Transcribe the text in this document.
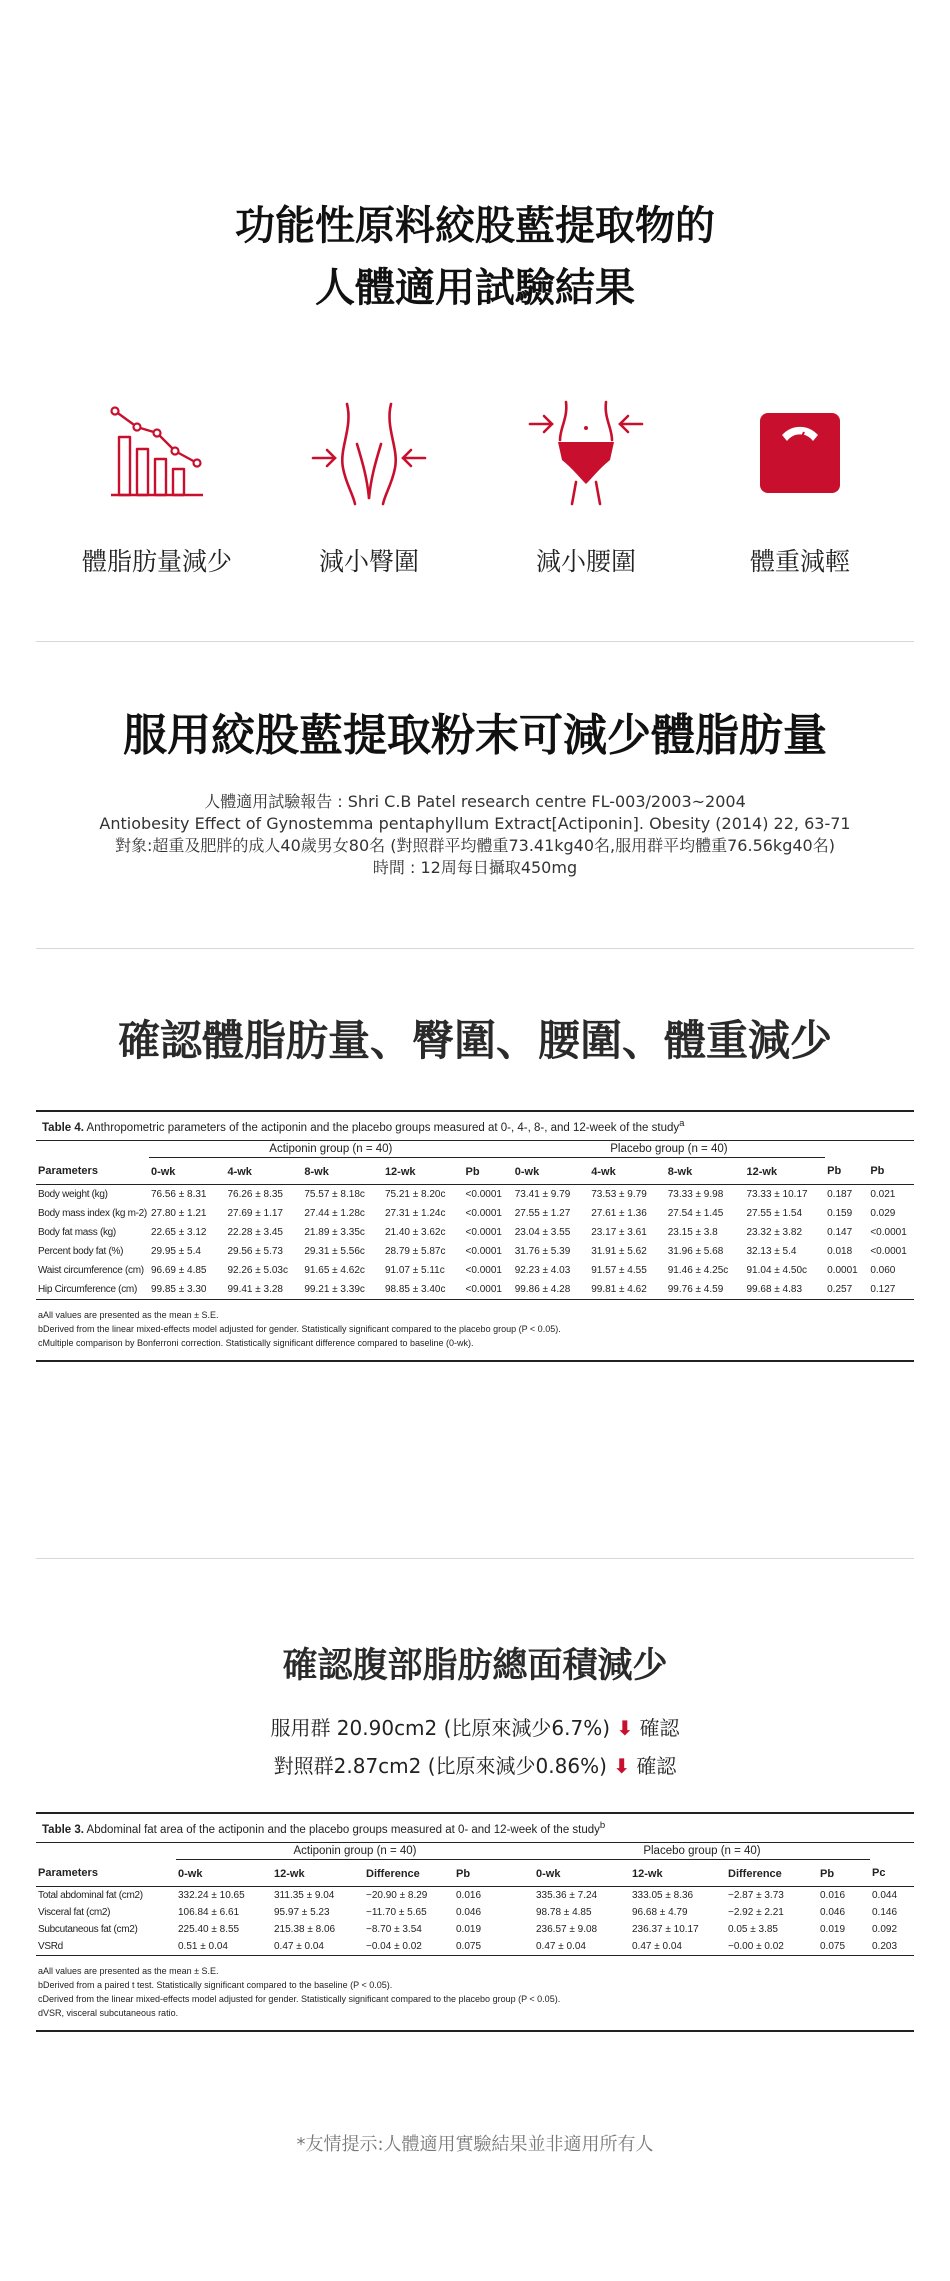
功能性原料絞股藍提取物的
人體適用試驗結果
體脂肪量減少	減小臀圍	減小腰圍	體重減輕
服用絞股藍提取粉末可減少體脂肪量
人體適用試驗報告 : Shri C.B Patel research centre FL-003/2003~2004
Antiobesity Effect of Gynostemma pentaphyllum Extract[Actiponin]. Obesity (2014) 22, 63-71
對象:超重及肥胖的成人40歲男女80名 (對照群平均體重73.41kg40名,服用群平均體重76.56kg40名)
時間 : 12周每日攝取450mg
確認體脂肪量、臀圍、腰圍、體重減少
Table 4. Anthropometric parameters of the actiponin and the placebo groups measured at 0-, 4-, 8-, and 12-week of the study$^a$
	Actiponin group (n = 40)					Placebo group (n = 40)					
Parameters	0-wk	4-wk	8-wk	12-wk	Pb	0-wk	4-wk	8-wk	12-wk	Pb	Pb
Body weight (kg)	76.56 ± 8.31	76.26 ± 8.35	75.57 ± 8.18c	75.21 ± 8.20c	<0.0001	73.41 ± 9.79	73.53 ± 9.79	73.33 ± 9.98	73.33 ± 10.17	0.187	0.021
Body mass index (kg m-2)	27.80 ± 1.21	27.69 ± 1.17	27.44 ± 1.28c	27.31 ± 1.24c	<0.0001	27.55 ± 1.27	27.61 ± 1.36	27.54 ± 1.45	27.55 ± 1.54	0.159	0.029
Body fat mass (kg)	22.65 ± 3.12	22.28 ± 3.45	21.89 ± 3.35c	21.40 ± 3.62c	<0.0001	23.04 ± 3.55	23.17 ± 3.61	23.15 ± 3.8	23.32 ± 3.82	0.147	<0.0001
Percent body fat (%)	29.95 ± 5.4	29.56 ± 5.73	29.31 ± 5.56c	28.79 ± 5.87c	<0.0001	31.76 ± 5.39	31.91 ± 5.62	31.96 ± 5.68	32.13 ± 5.4	0.018	<0.0001
Waist circumference (cm)	96.69 ± 4.85	92.26 ± 5.03c	91.65 ± 4.62c	91.07 ± 5.11c	<0.0001	92.23 ± 4.03	91.57 ± 4.55	91.46 ± 4.25c	91.04 ± 4.50c	0.0001	0.060
Hip Circumference (cm)	99.85 ± 3.30	99.41 ± 3.28	99.21 ± 3.39c	98.85 ± 3.40c	<0.0001	99.86 ± 4.28	99.81 ± 4.62	99.76 ± 4.59	99.68 ± 4.83	0.257	0.127
aAll values are presented as the mean ± S.E.
bDerived from the linear mixed-effects model adjusted for gender. Statistically significant compared to the placebo group (P < 0.05).
cMultiple comparison by Bonferroni correction. Statistically significant difference compared to baseline (0-wk).
確認腹部脂肪總面積減少
服用群 20.90cm2 (比原來減少6.7%) ⬇ 確認
對照群2.87cm2 (比原來減少0.86%) ⬇ 確認
Table 3. Abdominal fat area of the actiponin and the placebo groups measured at 0- and 12-week of the study$^b$
	Actiponin group (n = 40)				Placebo group (n = 40)				
Parameters	0-wk	12-wk	Difference	Pb	0-wk	12-wk	Difference	Pb	Pc
Total abdominal fat (cm2)	332.24 ± 10.65	311.35 ± 9.04	−20.90 ± 8.29	0.016	335.36 ± 7.24	333.05 ± 8.36	−2.87 ± 3.73	0.016	0.044
Visceral fat (cm2)	106.84 ± 6.61	95.97 ± 5.23	−11.70 ± 5.65	0.046	98.78 ± 4.85	96.68 ± 4.79	−2.92 ± 2.21	0.046	0.146
Subcutaneous fat (cm2)	225.40 ± 8.55	215.38 ± 8.06	−8.70 ± 3.54	0.019	236.57 ± 9.08	236.37 ± 10.17	0.05 ± 3.85	0.019	0.092
VSRd	0.51 ± 0.04	0.47 ± 0.04	−0.04 ± 0.02	0.075	0.47 ± 0.04	0.47 ± 0.04	−0.00 ± 0.02	0.075	0.203
aAll values are presented as the mean ± S.E.
bDerived from a paired t test. Statistically significant compared to the baseline (P < 0.05).
cDerived from the linear mixed-effects model adjusted for gender. Statistically significant compared to the placebo group (P < 0.05).
dVSR, visceral subcutaneous ratio.
*友情提示:人體適用實驗結果並非適用所有人
